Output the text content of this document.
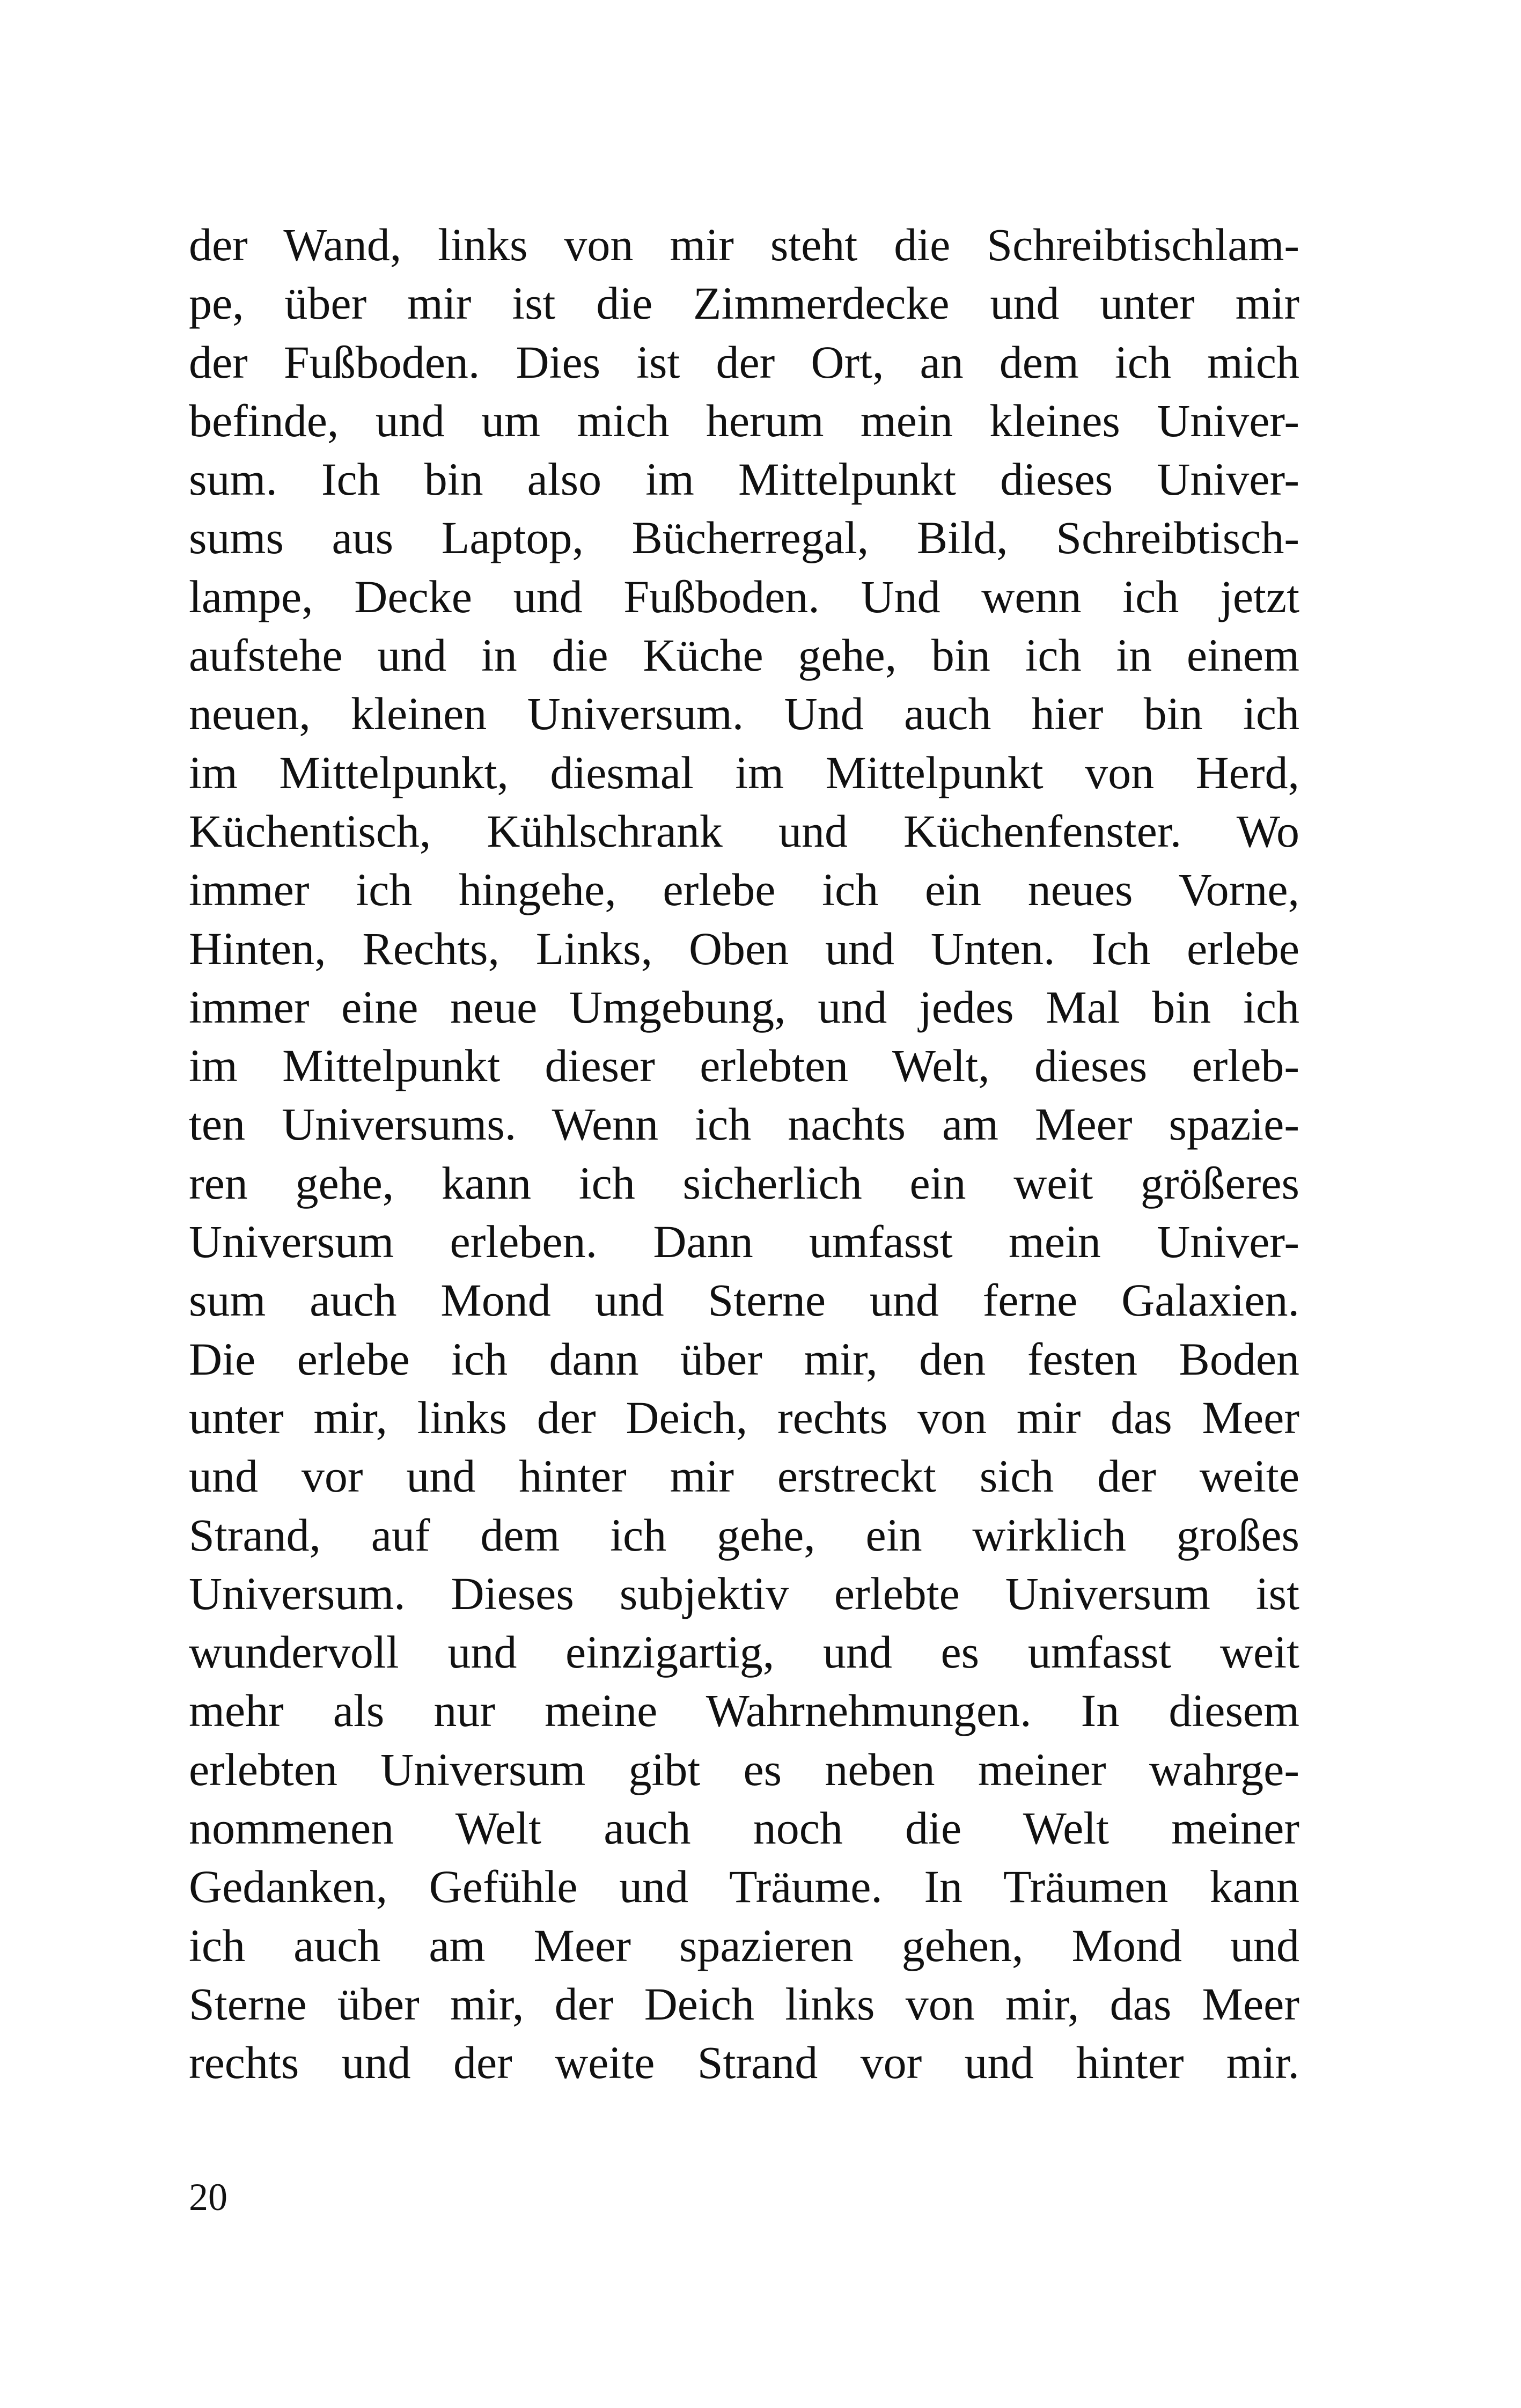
der Wand, links von mir steht die Schreibtischlam-
pe, über mir ist die Zimmerdecke und unter mir
der Fußboden. Dies ist der Ort, an dem ich mich
befinde, und um mich herum mein kleines Univer-
sum. Ich bin also im Mittelpunkt dieses Univer-
sums aus Laptop, Bücherregal, Bild, Schreibtisch-
lampe, Decke und Fußboden. Und wenn ich jetzt
aufstehe und in die Küche gehe, bin ich in einem
neuen, kleinen Universum. Und auch hier bin ich
im Mittelpunkt, diesmal im Mittelpunkt von Herd,
Küchentisch, Kühlschrank und Küchenfenster. Wo
immer ich hingehe, erlebe ich ein neues Vorne,
Hinten, Rechts, Links, Oben und Unten. Ich erlebe
immer eine neue Umgebung, und jedes Mal bin ich
im Mittelpunkt dieser erlebten Welt, dieses erleb-
ten Universums. Wenn ich nachts am Meer spazie-
ren gehe, kann ich sicherlich ein weit größeres
Universum erleben. Dann umfasst mein Univer-
sum auch Mond und Sterne und ferne Galaxien.
Die erlebe ich dann über mir, den festen Boden
unter mir, links der Deich, rechts von mir das Meer
und vor und hinter mir erstreckt sich der weite
Strand, auf dem ich gehe, ein wirklich großes
Universum. Dieses subjektiv erlebte Universum ist
wundervoll und einzigartig, und es umfasst weit
mehr als nur meine Wahrnehmungen. In diesem
erlebten Universum gibt es neben meiner wahrge-
nommenen Welt auch noch die Welt meiner
Gedanken, Gefühle und Träume. In Träumen kann
ich auch am Meer spazieren gehen, Mond und
Sterne über mir, der Deich links von mir, das Meer
rechts und der weite Strand vor und hinter mir.
20
